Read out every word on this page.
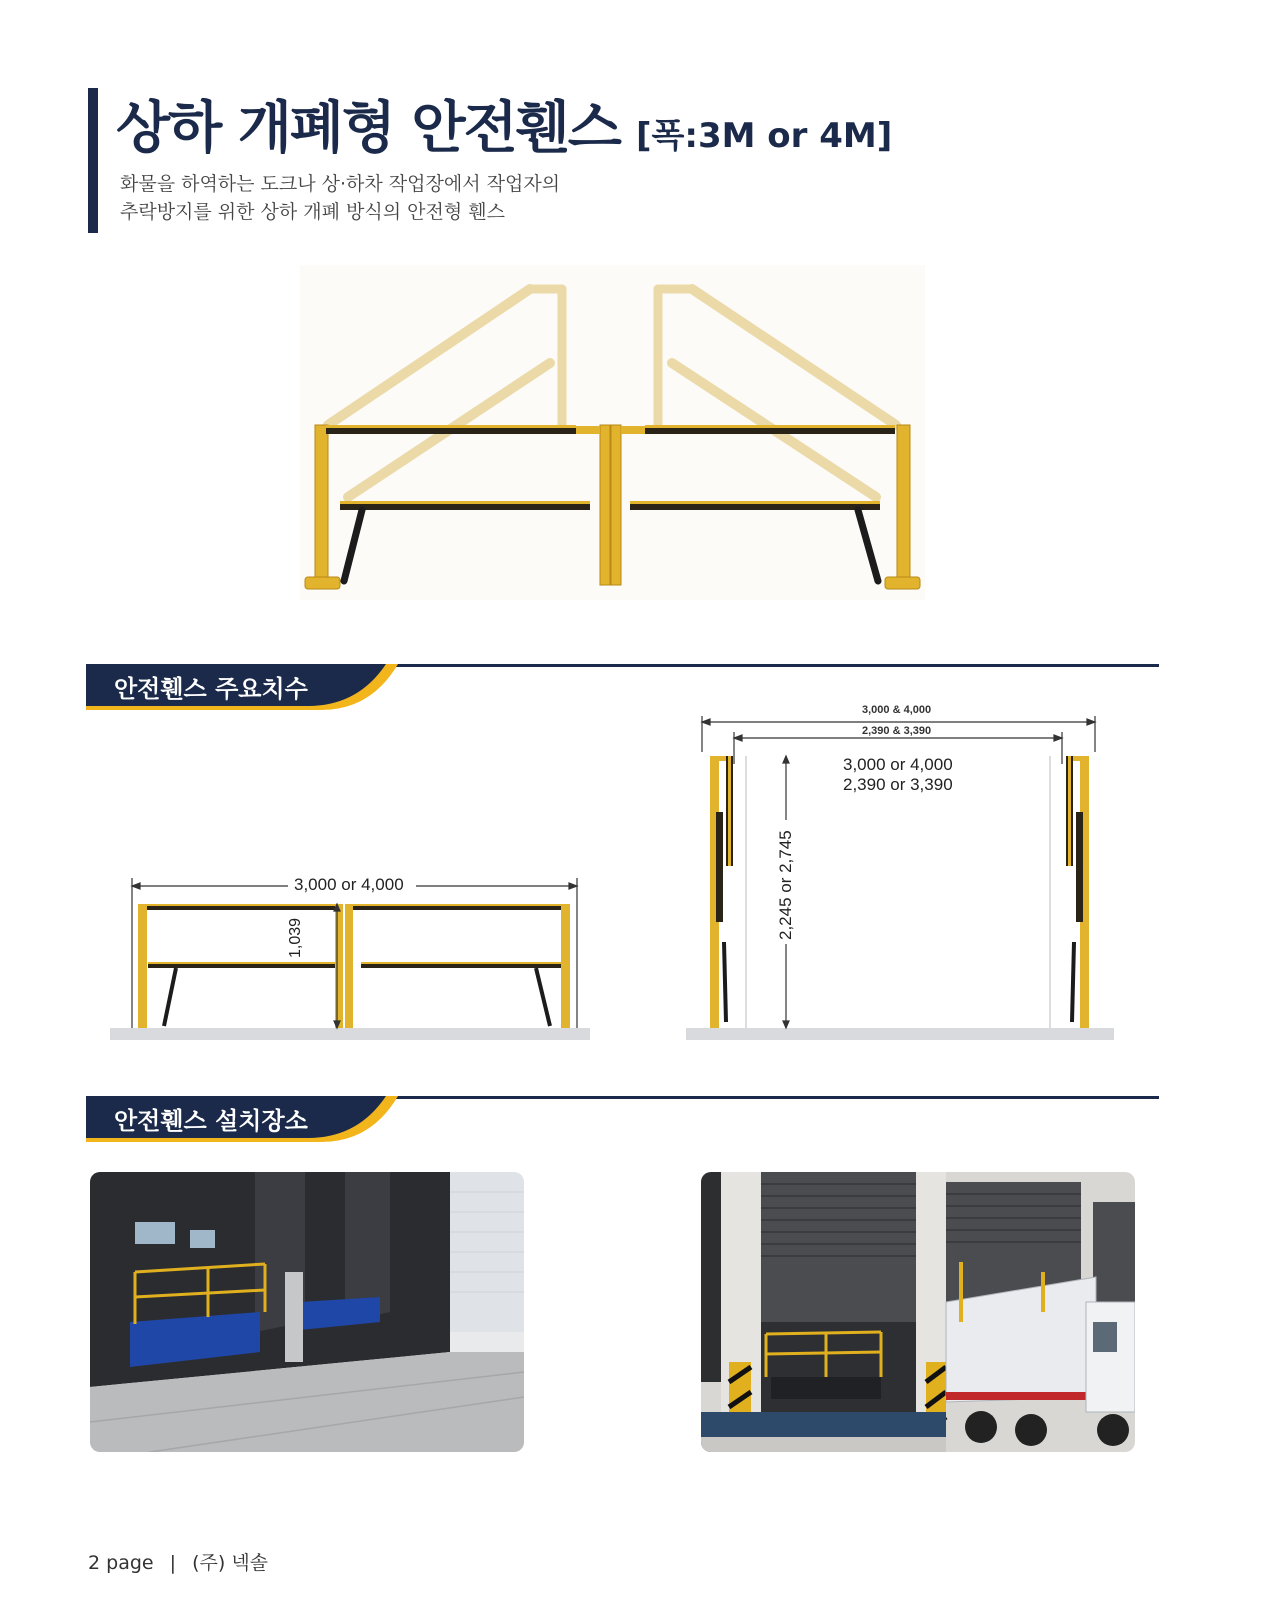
상하 개폐형 안전휀스 [폭:3M or 4M]
화물을 하역하는 도크나 상·하차 작업장에서 작업자의
추락방지를 위한 상하 개폐 방식의 안전형 휀스
안전휀스 주요치수
3,000 or 4,000
1,039
3,000 & 4,000
2,390 & 3,390
3,000 or 4,000
2,390 or 3,390
2,245 or 2,745
안전휀스 설치장소
2 page | (주) 넥솔
